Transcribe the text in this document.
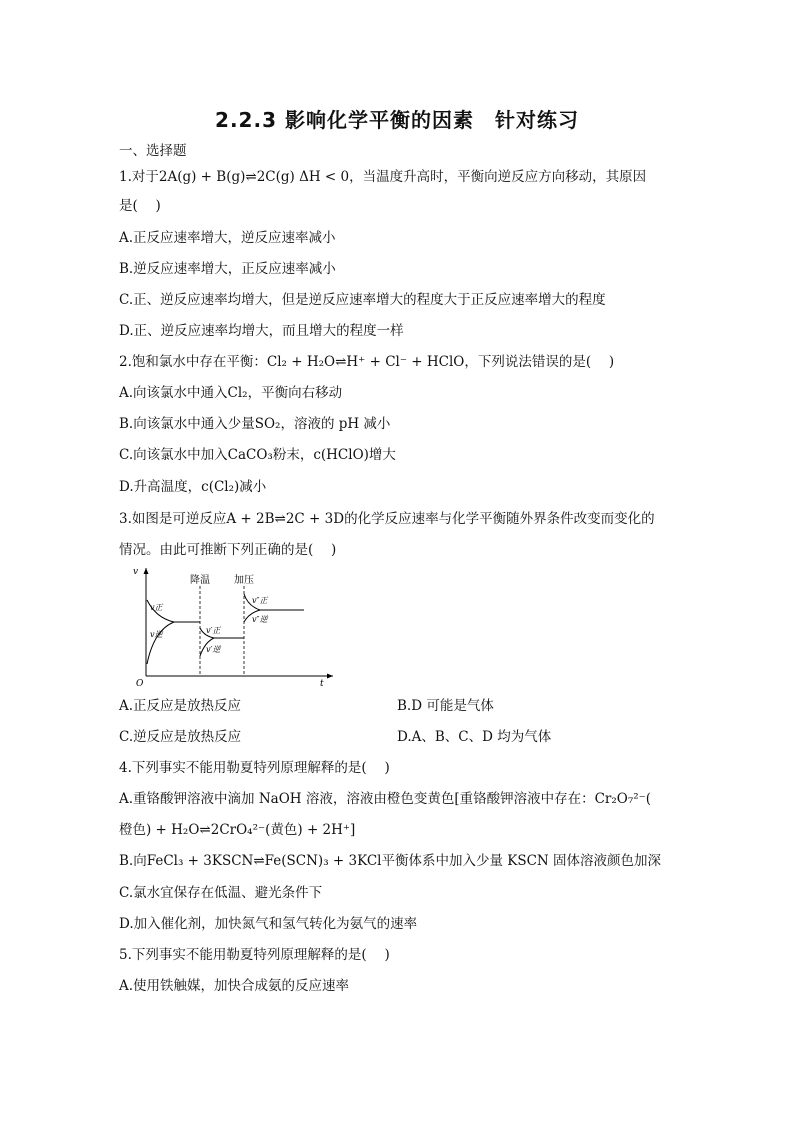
2.2.3 影响化学平衡的因素　针对练习
一、选择题
1.对于2A(g) + B(g)⇌2C(g) ΔH < 0，当温度升高时，平衡向逆反应方向移动，其原因
是(　 )
A.正反应速率增大，逆反应速率减小
B.逆反应速率增大，正反应速率减小
C.正、逆反应速率均增大，但是逆反应速率增大的程度大于正反应速率增大的程度
D.正、逆反应速率均增大，而且增大的程度一样
2.饱和氯水中存在平衡：Cl₂ + H₂O⇌H⁺ + Cl⁻ + HClO，下列说法错误的是(　 )
A.向该氯水中通入Cl₂，平衡向右移动
B.向该氯水中通入少量SO₂，溶液的 pH 减小
C.向该氯水中加入CaCO₃粉末，c(HClO)增大
D.升高温度，c(Cl₂)减小
3.如图是可逆反应A + 2B⇌2C + 3D的化学反应速率与化学平衡随外界条件改变而变化的
情况。由此可推断下列正确的是(　 )
v
t
O
降温 加压
v正
v逆	v′正
v′逆
v″正
v″逆
A.正反应是放热反应	B.D 可能是气体
C.逆反应是放热反应	D.A、B、C、D 均为气体
4.下列事实不能用勒夏特列原理解释的是(　 )
A.重铬酸钾溶液中滴加 NaOH 溶液，溶液由橙色变黄色[重铬酸钾溶液中存在：Cr₂O₇²⁻(
橙色) + H₂O⇌2CrO₄²⁻(黄色) + 2H⁺]
B.向FeCl₃ + 3KSCN⇌Fe(SCN)₃ + 3KCl平衡体系中加入少量 KSCN 固体溶液颜色加深
C.氯水宜保存在低温、避光条件下
D.加入催化剂，加快氮气和氢气转化为氨气的速率
5.下列事实不能用勒夏特列原理解释的是(　 )
A.使用铁触媒，加快合成氨的反应速率
